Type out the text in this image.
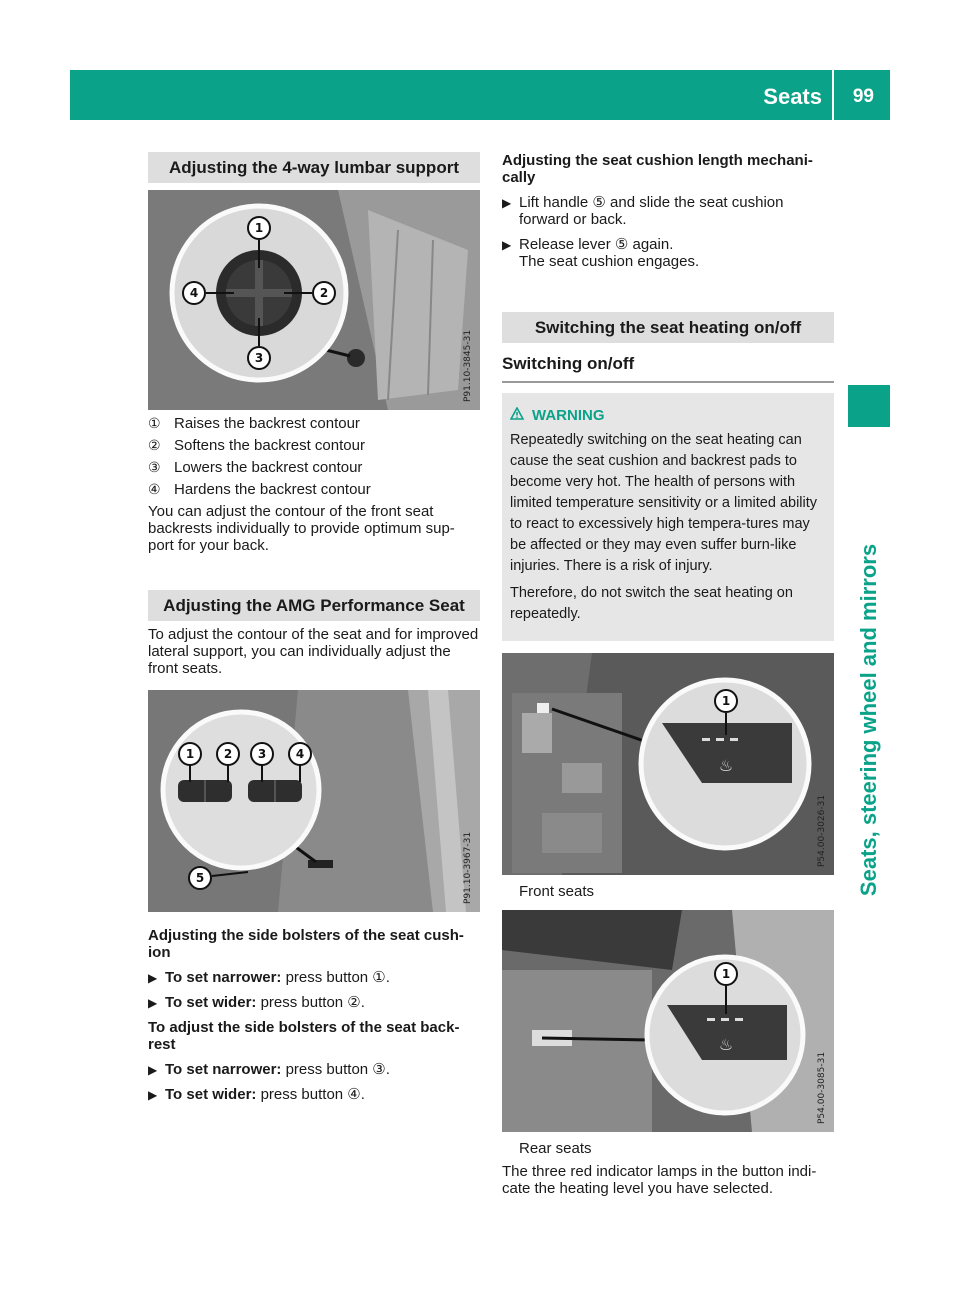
Seats 99
Seats, steering wheel and mirrors
Adjusting the 4-way lumbar support
1
2
3
4
P91.10-3845-31
① Raises the backrest contour
② Softens the backrest contour
③ Lowers the backrest contour
④ Hardens the backrest contour

You can adjust the contour of the front seat backrests individually to provide optimum sup-port for your back.

Adjusting the AMG Performance Seat

To adjust the contour of the seat and for improved lateral support, you can individually adjust the front seats.

1 2 3 4
5	P91.10-3967-31
Adjusting the side bolsters of the seat cush-ion
▶ To set narrower: press button ①.
▶ To set wider: press button ②.
To adjust the side bolsters of the seat back-rest
▶ To set narrower: press button ③.
▶ To set wider: press button ④.
Adjusting the seat cushion length mechani-cally
▶ Lift handle ⑤ and slide the seat cushion forward or back.
▶ Release lever ⑤ again.
The seat cushion engages.
Switching the seat heating on/off
Switching on/off
WARNING

Repeatedly switching on the seat heating can cause the seat cushion and backrest pads to become very hot. The health of persons with limited temperature sensitivity or a limited ability to react to excessively high tempera-tures may be affected or they may even suffer burn-like injuries. There is a risk of injury.

Therefore, do not switch the seat heating on repeatedly.

♨
1
P54.00-3026-31
Front seats
♨
1
P54.00-3085-31
Rear seats

The three red indicator lamps in the button indi-cate the heating level you have selected.
